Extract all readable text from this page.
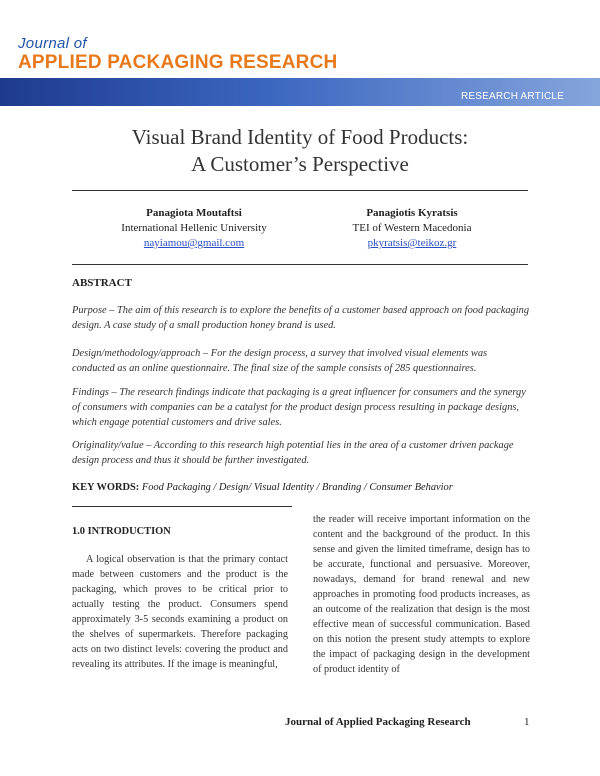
Journal of
APPLIED PACKAGING RESEARCH
RESEARCH ARTICLE
Visual Brand Identity of Food Products:
A Customer’s Perspective
Panagiota Moutaftsi
International Hellenic University
nayiamou@gmail.com
Panagiotis Kyratsis
TEI of Western Macedonia
pkyratsis@teikoz.gr
ABSTRACT
Purpose – The aim of this research is to explore the benefits of a customer based approach on food packaging design. A case study of a small production honey brand is used.
Design/methodology/approach – For the design process, a survey that involved visual elements was conducted as an online questionnaire. The final size of the sample consists of 285 questionnaires.
Findings – The research findings indicate that packaging is a great influencer for consumers and the synergy of consumers with companies can be a catalyst for the product design process resulting in package designs, which engage potential customers and drive sales.
Originality/value – According to this research high potential lies in the area of a customer driven package design process and thus it should be further investigated.
KEY WORDS: Food Packaging / Design/ Visual Identity / Branding / Consumer Behavior
1.0 INTRODUCTION
A logical observation is that the primary contact made between customers and the product is the packaging, which proves to be critical prior to actually testing the product. Consumers spend approximately 3-5 seconds examining a product on the shelves of supermarkets. Therefore packaging acts on two distinct levels: covering the product and revealing its attributes. If the image is meaningful,
the reader will receive important information on the content and the background of the product. In this sense and given the limited timeframe, design has to be accurate, functional and persuasive. Moreover, nowadays, demand for brand renewal and new approaches in promoting food products increases, as an outcome of the realization that design is the most effective mean of successful communication. Based on this notion the present study attempts to explore the impact of packaging design in the development of product identity of
Journal of Applied Packaging Research	1
